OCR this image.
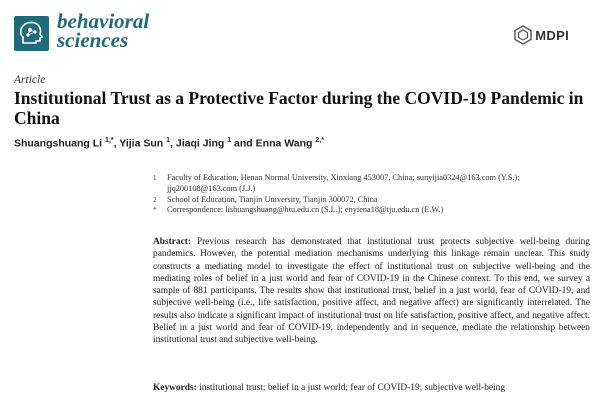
behavioral
sciences	MDPI
Article
Institutional Trust as a Protective Factor during the COVID-19 Pandemic in China
Shuangshuang Li $^{1,*}$, Yijia Sun $^1$, Jiaqi Jing $^1$ and Enna Wang $^{2,*}$
1	Faculty of Education, Henan Normal University, Xinxiang 453007, China; sunyijia0324@163.com (Y.S.); jjq200108@163.com (J.J.)
2	School of Education, Tianjin University, Tianjin 300072, China
*	Correspondence: lishuangshuang@htu.edu.cn (S.L.); enyiena18@tju.edu.cn (E.W.)

Abstract: Previous research has demonstrated that institutional trust protects subjective well-being during pandemics. However, the potential mediation mechanisms underlying this linkage remain unclear. This study constructs a mediating model to investigate the effect of institutional trust on subjective well-being and the mediating roles of belief in a just world and fear of COVID-19 in the Chinese context. To this end, we survey a sample of 881 participants. The results show that institutional trust, belief in a just world, fear of COVID-19, and subjective well-being (i.e., life satisfaction, positive affect, and negative affect) are significantly interrelated. The results also indicate a significant impact of institutional trust on life satisfaction, positive affect, and negative affect. Belief in a just world and fear of COVID-19, independently and in sequence, mediate the relationship between institutional trust and subjective well-being.

Keywords: institutional trust; belief in a just world; fear of COVID-19; subjective well-being
